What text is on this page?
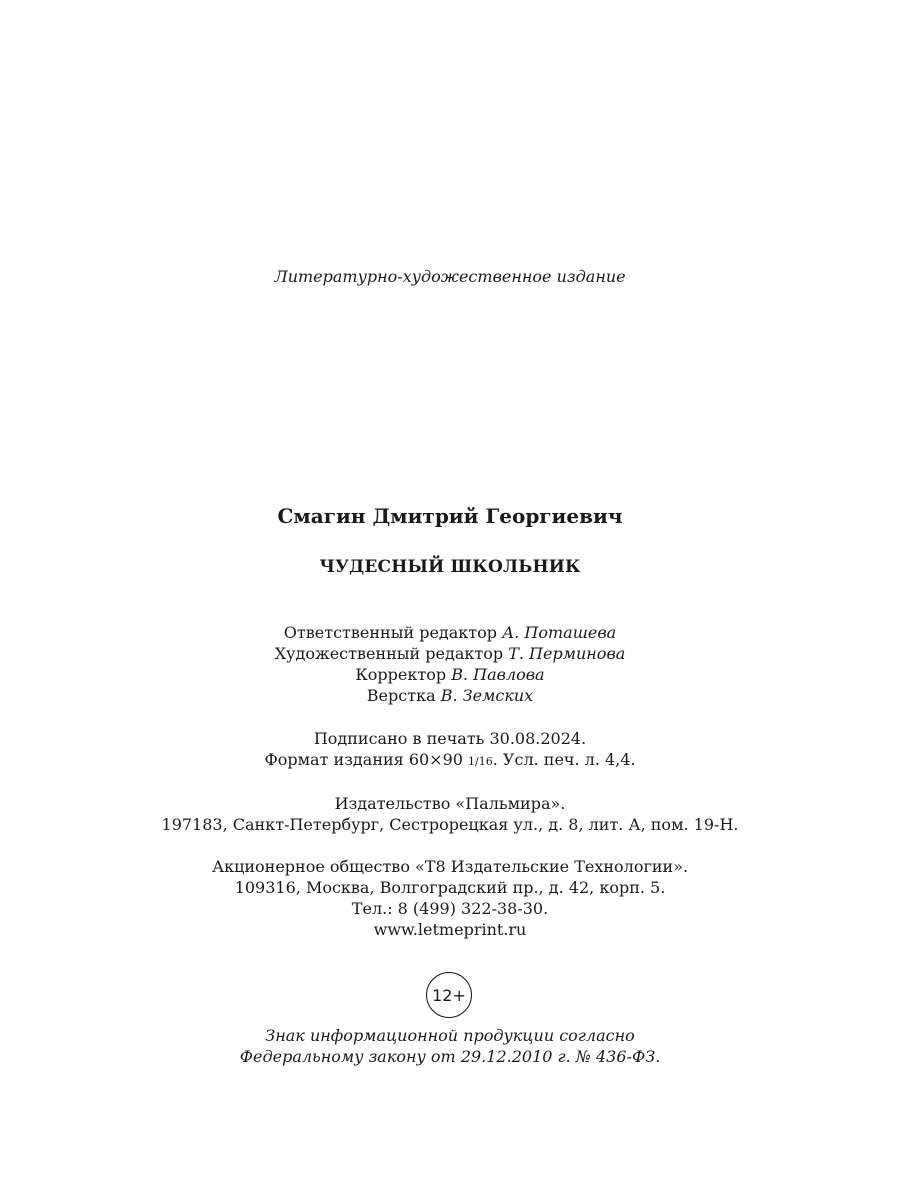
Литературно-художественное издание
Смагин Дмитрий Георгиевич
ЧУДЕСНЫЙ ШКОЛЬНИК
Ответственный редактор А. Поташева
Художественный редактор Т. Перминова
Корректор В. Павлова
Верстка В. Земских
Подписано в печать 30.08.2024.
Формат издания 60×90 1/16. Усл. печ. л. 4,4.
Издательство «Пальмира».
197183, Санкт-Петербург, Сестрорецкая ул., д. 8, лит. А, пом. 19-Н.
Акционерное общество «Т8 Издательские Технологии».
109316, Москва, Волгоградский пр., д. 42, корп. 5.
Тел.: 8 (499) 322-38-30.
www.letmeprint.ru
12+
Знак информационной продукции согласно
Федеральному закону от 29.12.2010 г. № 436-ФЗ.
